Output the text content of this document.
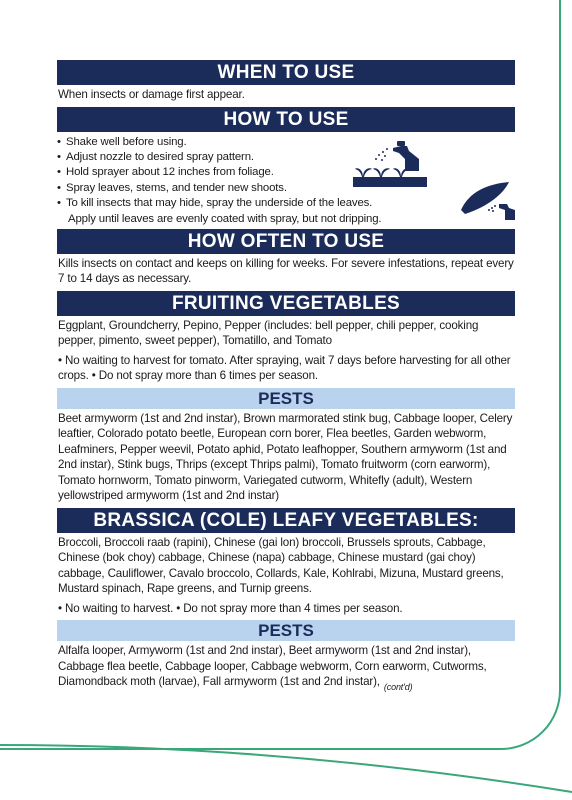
WHEN TO USE
When insects or damage first appear.
HOW TO USE
• Shake well before using.
• Adjust nozzle to desired spray pattern.
• Hold sprayer about 12 inches from foliage.
• Spray leaves, stems, and tender new shoots.
• To kill insects that may hide, spray the underside of the leaves.
Apply until leaves are evenly coated with spray, but not dripping.
HOW OFTEN TO USE
Kills insects on contact and keeps on killing for weeks. For severe infestations, repeat every 7 to 14 days as necessary.
FRUITING VEGETABLES
Eggplant, Groundcherry, Pepino, Pepper (includes: bell pepper, chili pepper, cooking pepper, pimento, sweet pepper), Tomatillo, and Tomato
• No waiting to harvest for tomato. After spraying, wait 7 days before harvesting for all other crops. • Do not spray more than 6 times per season.
PESTS
Beet armyworm (1st and 2nd instar), Brown marmorated stink bug, Cabbage looper, Celery leaftier, Colorado potato beetle, European corn borer, Flea beetles, Garden webworm, Leafminers, Pepper weevil, Potato aphid, Potato leafhopper, Southern armyworm (1st and 2nd instar), Stink bugs, Thrips (except Thrips palmi), Tomato fruitworm (corn earworm), Tomato hornworm, Tomato pinworm, Variegated cutworm, Whitefly (adult), Western yellowstriped armyworm (1st and 2nd instar)
BRASSICA (COLE) LEAFY VEGETABLES:
Broccoli, Broccoli raab (rapini), Chinese (gai lon) broccoli, Brussels sprouts, Cabbage, Chinese (bok choy) cabbage, Chinese (napa) cabbage, Chinese mustard (gai choy) cabbage, Cauliflower, Cavalo broccolo, Collards, Kale, Kohlrabi, Mizuna, Mustard greens, Mustard spinach, Rape greens, and Turnip greens.
• No waiting to harvest. • Do not spray more than 4 times per season.
PESTS
Alfalfa looper, Armyworm (1st and 2nd instar), Beet armyworm (1st and 2nd instar), Cabbage flea beetle, Cabbage looper, Cabbage webworm, Corn earworm, Cutworms, Diamondback moth (larvae), Fall armyworm (1st and 2nd instar), $_{(cont'd)}$
